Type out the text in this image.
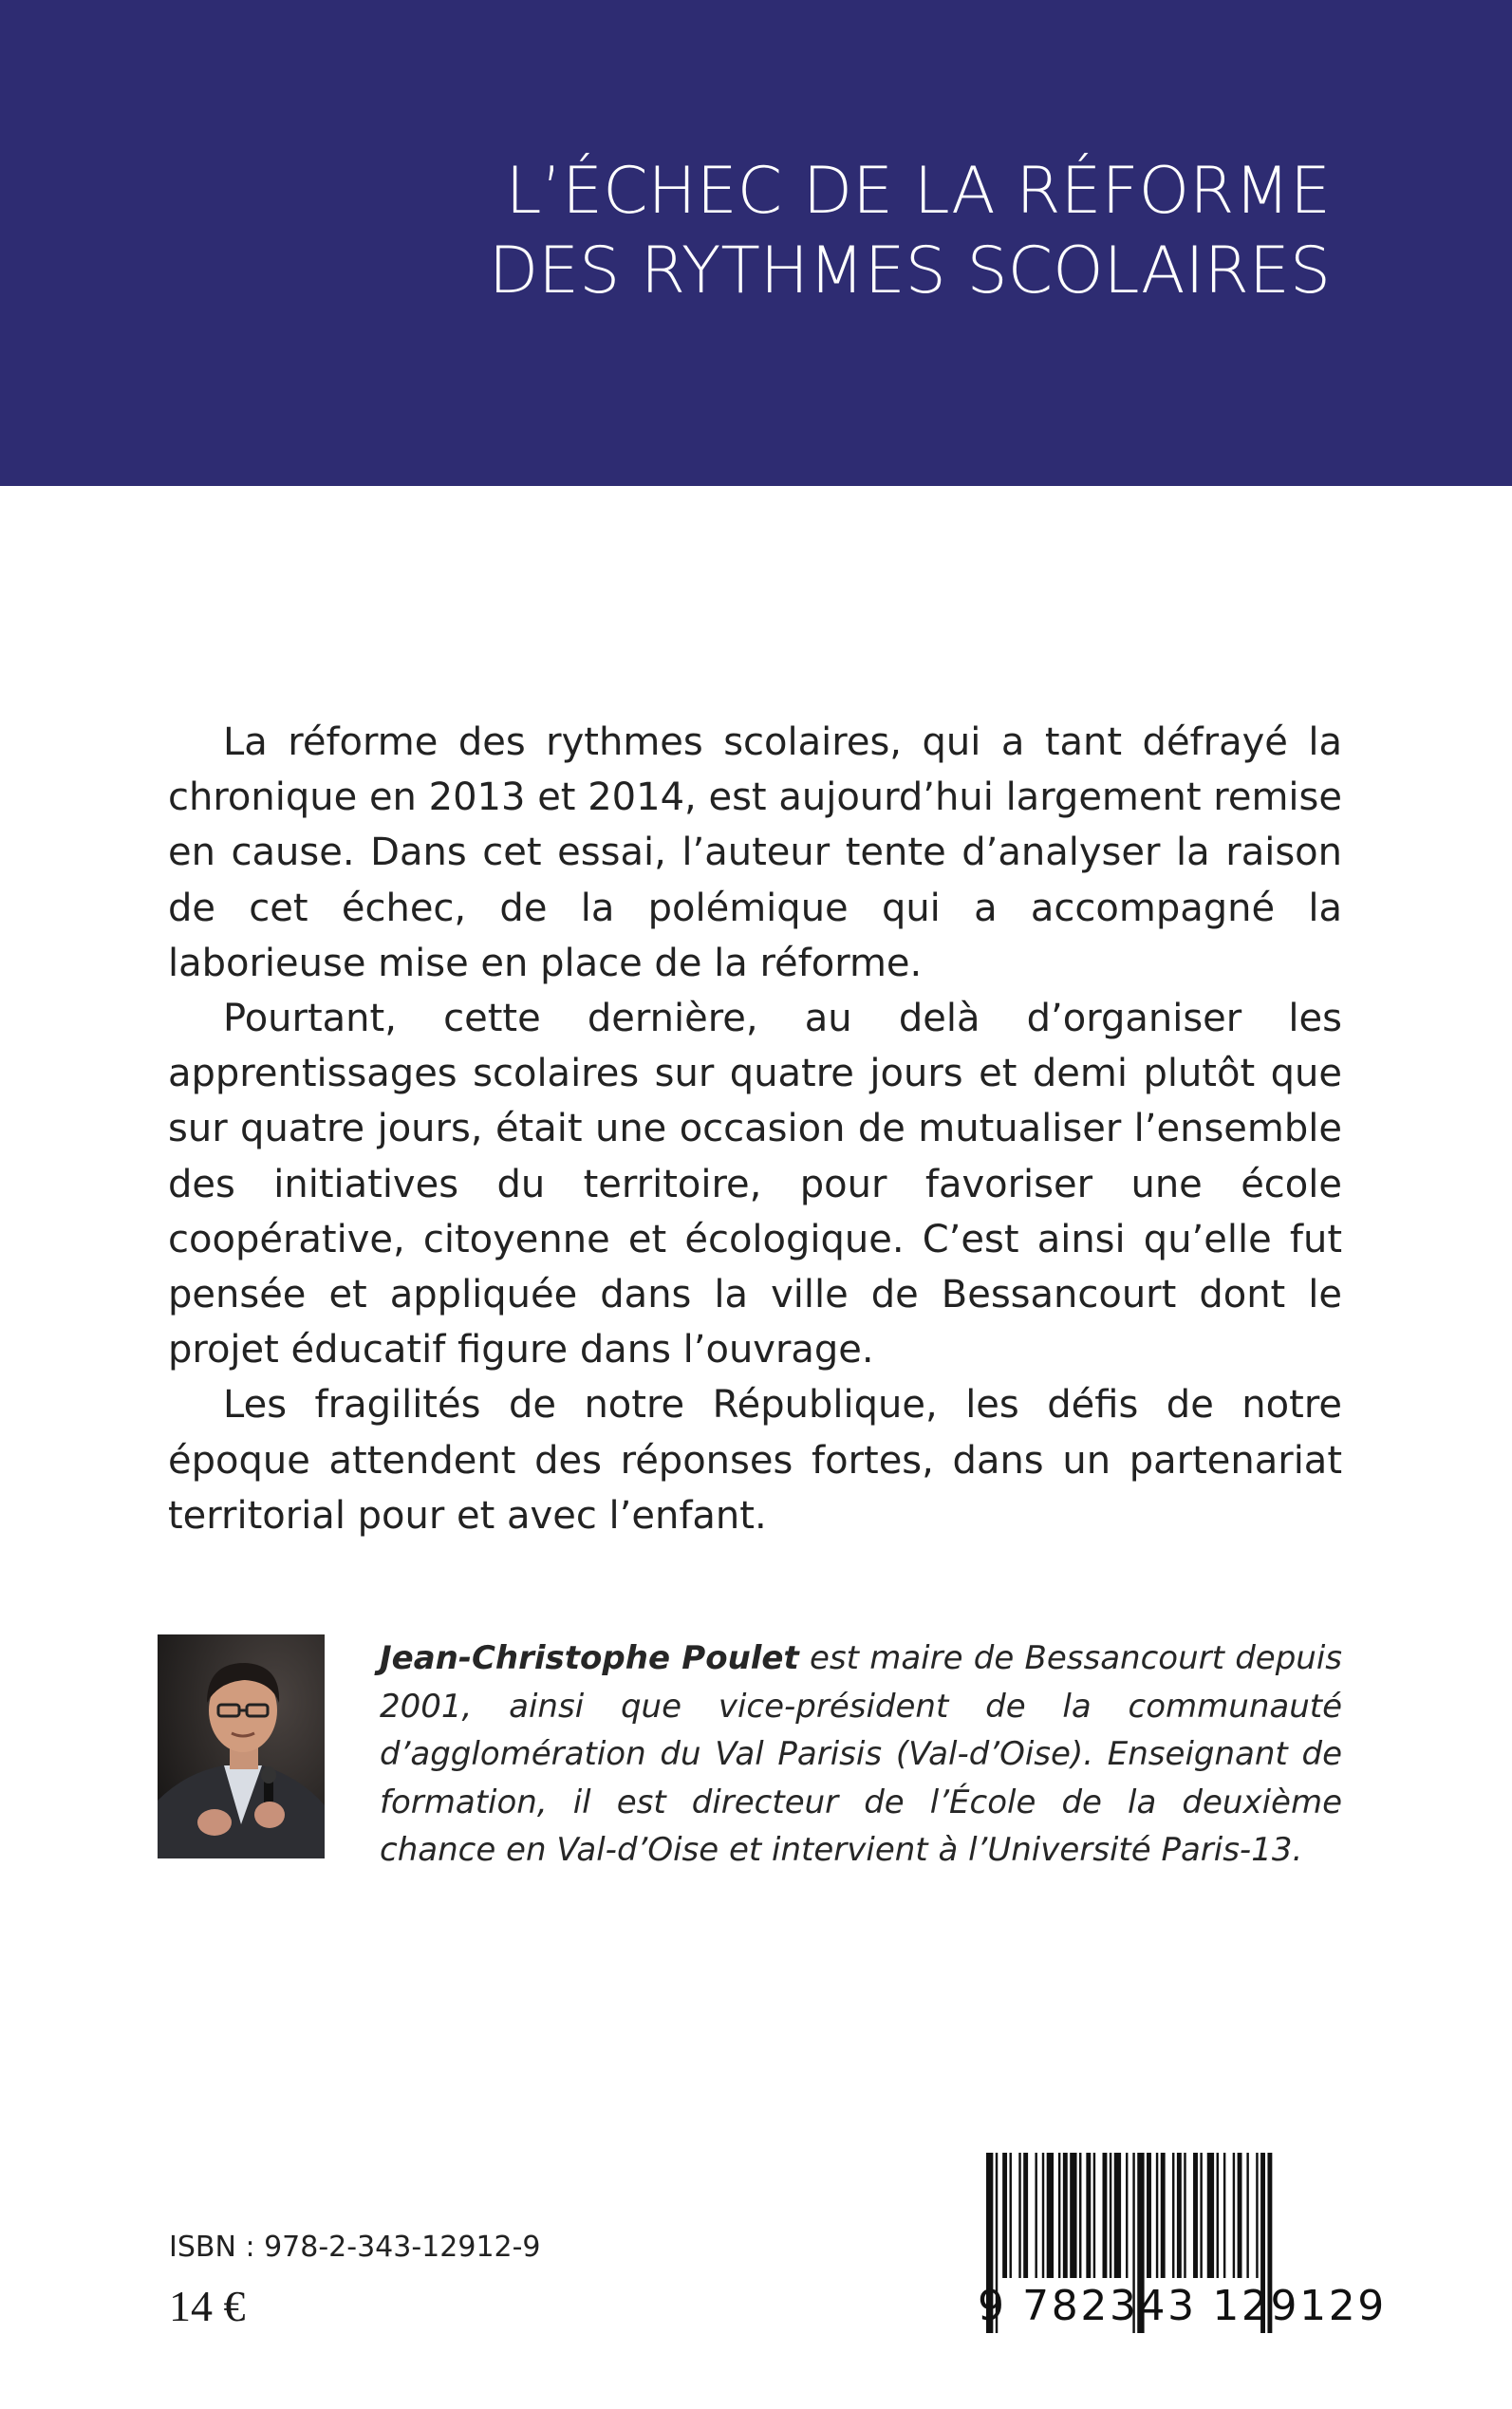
L’ÉCHEC DE LA RÉFORME
DES RYTHMES SCOLAIRES

La réforme des rythmes scolaires, qui a tant défrayé la chronique en 2013 et 2014, est aujourd’hui largement remise en cause. Dans cet essai, l’auteur tente d’analyser la raison de cet échec, de la polémique qui a accompagné la laborieuse mise en place de la réforme.

Pourtant, cette dernière, au delà d’organiser les apprentissages scolaires sur quatre jours et demi plutôt que sur quatre jours, était une occasion de mutualiser l’ensemble des initiatives du territoire, pour favoriser une école coopérative, citoyenne et écologique. C’est ainsi qu’elle fut pensée et appliquée dans la ville de Bessancourt dont le projet éducatif figure dans l’ouvrage.

Les fragilités de notre République, les défis de notre époque attendent des réponses fortes, dans un partenariat territorial pour et avec l’enfant.

Jean-Christophe Poulet est maire de Bessancourt depuis 2001, ainsi que vice-président de la communauté d’agglomération du Val Parisis (Val-d’Oise). Enseignant de formation, il est directeur de l’École de la deuxième chance en Val-d’Oise et intervient à l’Université Paris-13.
ISBN : 978-2-343-12912-9
14 €	9 782343 129129
